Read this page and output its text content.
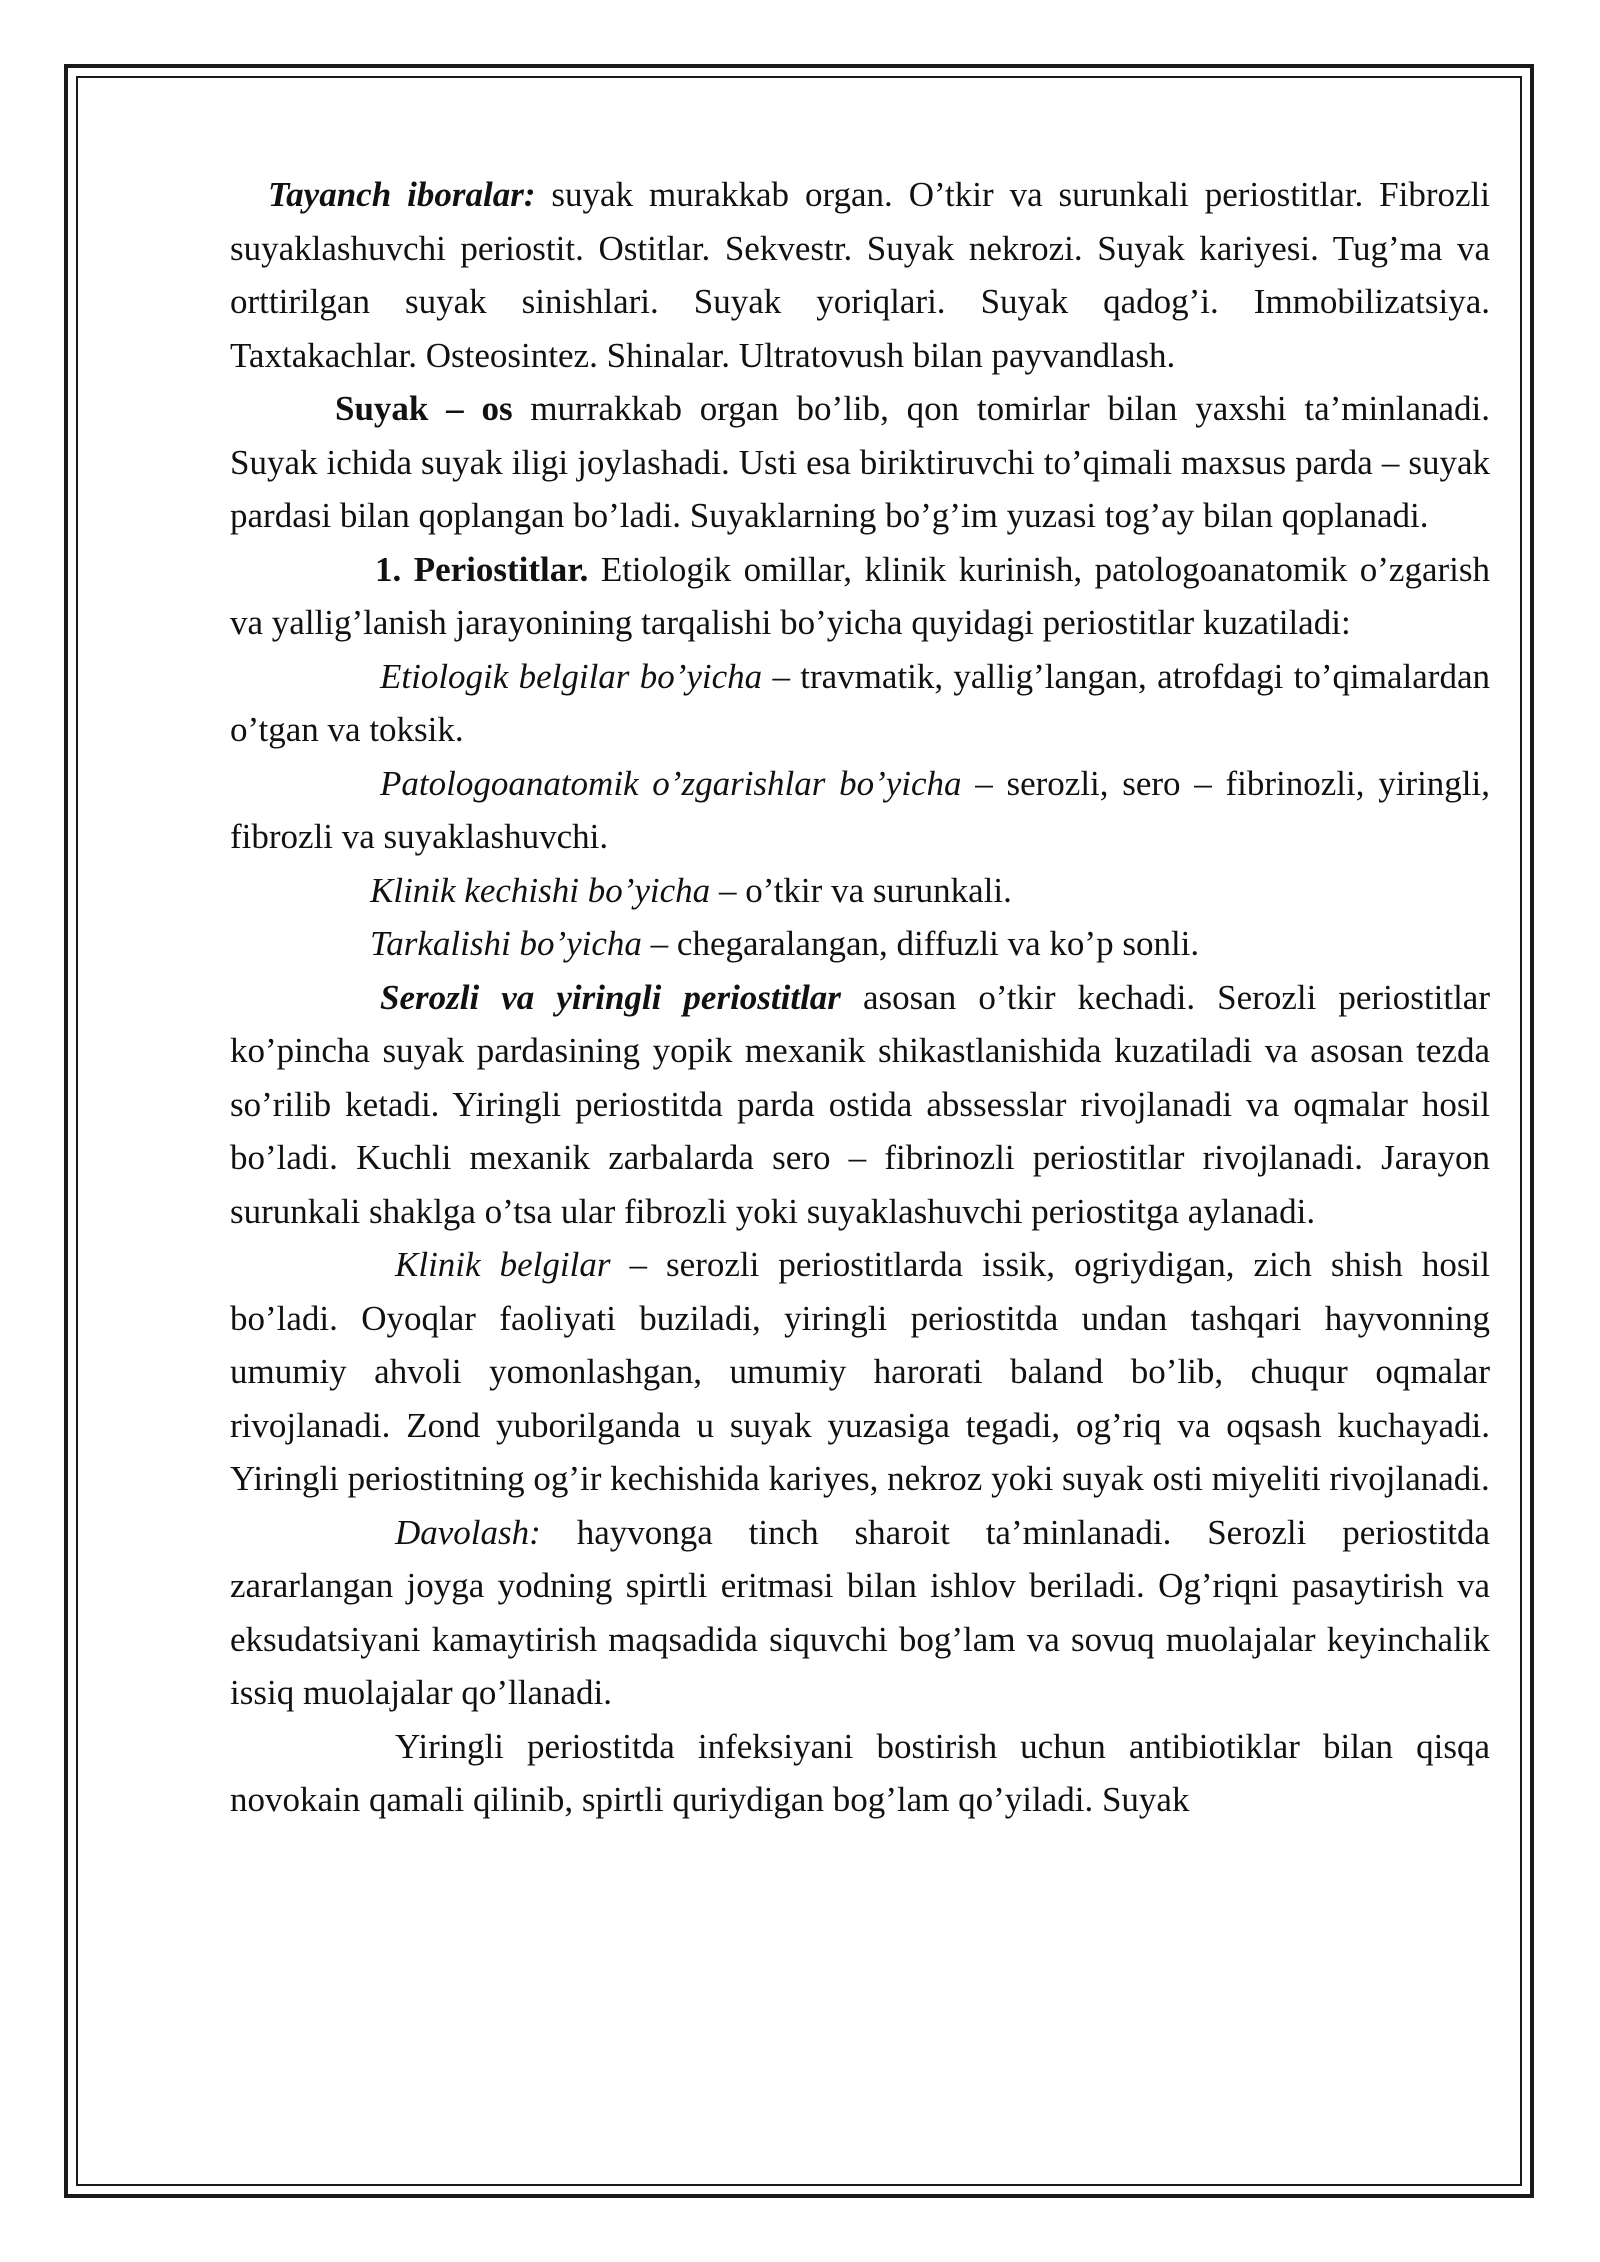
Tayanch iboralar: suyak murakkab organ. O’tkir va surunkali periostitlar. Fibrozli suyaklashuvchi periostit. Ostitlar. Sekvestr. Suyak nekrozi. Suyak kariyesi. Tug’ma va orttirilgan suyak sinishlari. Suyak yoriqlari. Suyak qadog’i. Immobilizatsiya. Taxtakachlar. Osteosintez. Shinalar. Ultratovush bilan payvandlash.

Suyak – os murrakkab organ bo’lib, qon tomirlar bilan yaxshi ta’minlanadi. Suyak ichida suyak iligi joylashadi. Usti esa biriktiruvchi to’qimali maxsus parda – suyak pardasi bilan qoplangan bo’ladi. Suyaklarning bo’g’im yuzasi tog’ay bilan qoplanadi.

1. Periostitlar. Etiologik omillar, klinik kurinish, patologoanatomik o’zgarish va yallig’lanish jarayonining tarqalishi bo’yicha quyidagi periostitlar kuzatiladi:

Etiologik belgilar bo’yicha – travmatik, yallig’langan, atrofdagi to’qimalardan o’tgan va toksik.

Patologoanatomik o’zgarishlar bo’yicha – serozli, sero – fibrinozli, yiringli, fibrozli va suyaklashuvchi.

Klinik kechishi bo’yicha – o’tkir va surunkali.

Tarkalishi bo’yicha – chegaralangan, diffuzli va ko’p sonli.

Serozli va yiringli periostitlar asosan o’tkir kechadi. Serozli periostitlar ko’pincha suyak pardasining yopik mexanik shikastlanishida kuzatiladi va asosan tezda so’rilib ketadi. Yiringli periostitda parda ostida abssesslar rivojlanadi va oqmalar hosil bo’ladi. Kuchli mexanik zarbalarda sero – fibrinozli periostitlar rivojlanadi. Jarayon surunkali shaklga o’tsa ular fibrozli yoki suyaklashuvchi periostitga aylanadi.

Klinik belgilar – serozli periostitlarda issik, ogriydigan, zich shish hosil bo’ladi. Oyoqlar faoliyati buziladi, yiringli periostitda undan tashqari hayvonning umumiy ahvoli yomonlashgan, umumiy harorati baland bo’lib, chuqur oqmalar rivojlanadi. Zond yuborilganda u suyak yuzasiga tegadi, og’riq va oqsash kuchayadi. Yiringli periostitning og’ir kechishida kariyes, nekroz yoki suyak osti miyeliti rivojlanadi.

Davolash: hayvonga tinch sharoit ta’minlanadi. Serozli periostitda zararlangan joyga yodning spirtli eritmasi bilan ishlov beriladi. Og’riqni pasaytirish va eksudatsiyani kamaytirish maqsadida siquvchi bog’lam va sovuq muolajalar keyinchalik issiq muolajalar qo’llanadi.

Yiringli periostitda infeksiyani bostirish uchun antibiotiklar bilan qisqa novokain qamali qilinib, spirtli quriydigan bog’lam qo’yiladi. Suyak
